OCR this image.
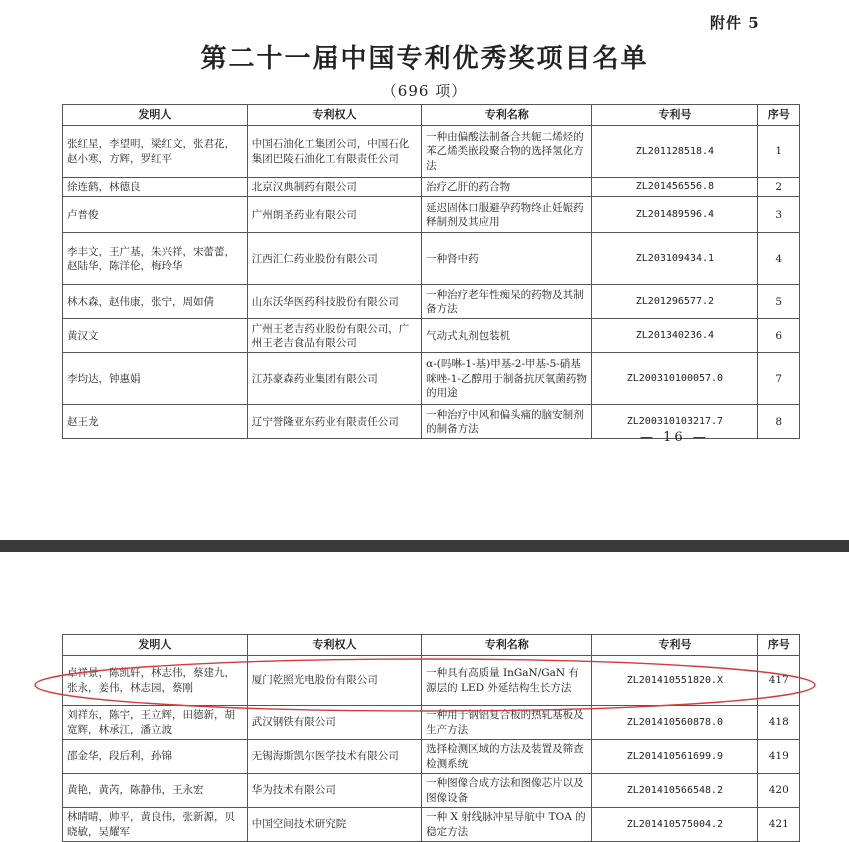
附件 5
第二十一届中国专利优秀奖项目名单
（696 项）
发明人	专利权人	专利名称	专利号	序号
张红星，李望明，梁红文，张君花，赵小寒，方辉，罗红平	中国石油化工集团公司，中国石化集团巴陵石油化工有限责任公司	一种由偏酸法制备合共轭二烯烃的苯乙烯类嵌段聚合物的选择氢化方法	ZL201128518.4	1
徐连鹤，林德良	北京汉典制药有限公司	治疗乙肝的药合物	ZL201456556.8	2
卢普俊	广州朗圣药业有限公司	延迟固体口服避孕药物终止妊娠药释制剂及其应用	ZL201489596.4	3
李丰文，王广基，朱兴祥，宋蕾蕾，赵陆华，陈洋伦，梅玲华	江西汇仁药业股份有限公司	一种肾中药	ZL203109434.1	4
林木森，赵伟康，张宁，周如倩	山东沃华医药科技股份有限公司	一种治疗老年性痴呆的药物及其制备方法	ZL201296577.2	5
黄汉文	广州王老吉药业股份有限公司，广州王老吉食品有限公司	气动式丸剂包装机	ZL201340236.4	6
李均达，钟惠娟	江苏豪森药业集团有限公司	α-(吗啉-1-基)甲基-2-甲基-5-硝基咪唑-1-乙醇用于制备抗厌氧菌药物的用途	ZL200310100057.0	7
赵王龙	辽宁誉隆亚东药业有限责任公司	一种治疗中风和偏头痛的脑安制剂的制备方法	ZL200310103217.7	8
— 16 —
发明人	专利权人	专利名称	专利号	序号
卓祥景，陈凯轩，林志伟，蔡建九，张永，姜伟，林志园，蔡刚	厦门乾照光电股份有限公司	一种具有高质量 InGaN/GaN 有源层的 LED 外延结构生长方法	ZL201410551820.X	417
刘祥东，陈宇，王立辉，田德新，胡宽辉，林承江，潘立波	武汉钢铁有限公司	一种用于钢铝复合板的热轧基板及生产方法	ZL201410560878.0	418
邵金华，段后利，孙锦	无锡海斯凯尔医学技术有限公司	选择检测区域的方法及装置及筛查检测系统	ZL201410561699.9	419
黄艳，黄芮，陈静伟，王永宏	华为技术有限公司	一种图像合成方法和图像芯片以及图像设备	ZL201410566548.2	420
林晴晴，帅平，黄良伟，张新源，贝晓敏，吴耀军	中国空间技术研究院	一种 X 射线脉冲星导航中 TOA 的稳定方法	ZL201410575004.2	421
